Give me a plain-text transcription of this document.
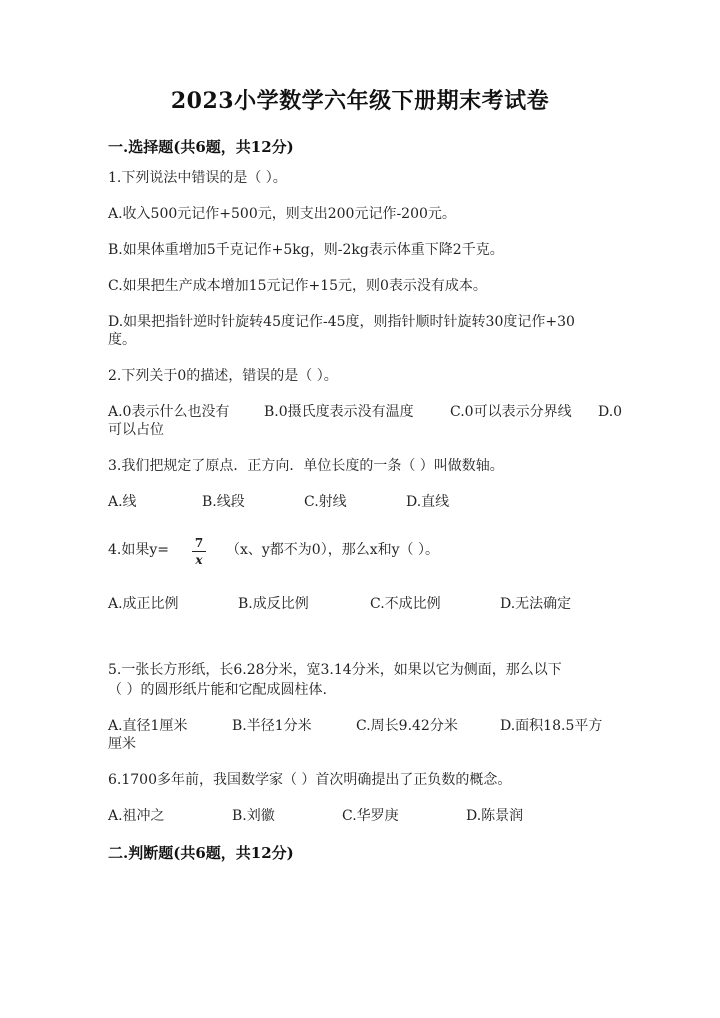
2023小学数学六年级下册期末考试卷
一.选择题(共6题，共12分)
1.下列说法中错误的是（ ）。
A.收入500元记作+500元，则支出200元记作-200元。
B.如果体重增加5千克记作+5kg，则-2kg表示体重下降2千克。
C.如果把生产成本增加15元记作+15元，则0表示没有成本。
D.如果把指针逆时针旋转45度记作-45度，则指针顺时针旋转30度记作+30
度。
2.下列关于0的描述，错误的是（ ）。
A.0表示什么也没有 B.0摄氏度表示没有温度	C.0可以表示分界线 D.0
可以占位
3.我们把规定了原点．正方向．单位长度的一条（ ）叫做数轴。
A.线	B.线段	C.射线	D.直线
4.如果y= 7
x
（x、y都不为0），那么x和y（ ）。
A.成正比例	B.成反比例	C.不成比例	D.无法确定
5.一张长方形纸，长6.28分米，宽3.14分米，如果以它为侧面，那么以下
（ ）的圆形纸片能和它配成圆柱体.
A.直径1厘米	B.半径1分米	C.周长9.42分米	D.面积18.5平方
厘米
6.1700多年前，我国数学家（ ）首次明确提出了正负数的概念。
A.祖冲之	B.刘徽	C.华罗庚	D.陈景润
二.判断题(共6题，共12分)
